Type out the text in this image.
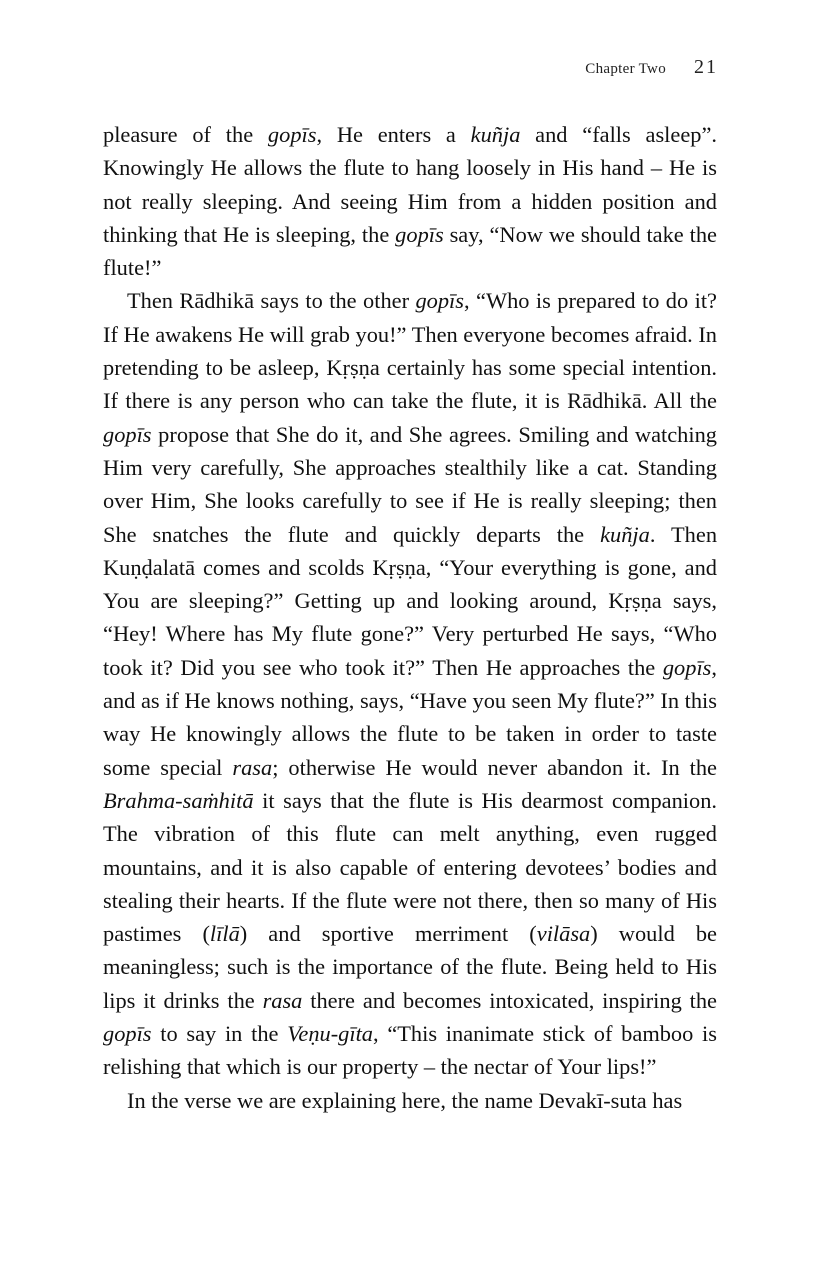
Chapter Two 21

pleasure of the gopīs, He enters a kuñja and “falls asleep”. Knowingly He allows the flute to hang loosely in His hand – He is not really sleeping. And seeing Him from a hidden position and thinking that He is sleeping, the gopīs say, “Now we should take the flute!”

Then Rādhikā says to the other gopīs, “Who is prepared to do it? If He awakens He will grab you!” Then everyone becomes afraid. In pretending to be asleep, Kṛṣṇa certainly has some special intention. If there is any person who can take the flute, it is Rādhikā. All the gopīs propose that She do it, and She agrees. Smiling and watching Him very carefully, She approaches stealthily like a cat. Standing over Him, She looks carefully to see if He is really sleeping; then She snatches the flute and quickly departs the kuñja. Then Kuṇḍalatā comes and scolds Kṛṣṇa, “Your everything is gone, and You are sleeping?” Getting up and looking around, Kṛṣṇa says, “Hey! Where has My flute gone?” Very perturbed He says, “Who took it? Did you see who took it?” Then He approaches the gopīs, and as if He knows nothing, says, “Have you seen My flute?” In this way He knowingly allows the flute to be taken in order to taste some special rasa; otherwise He would never abandon it. In the Brahma-saṁhitā it says that the flute is His dearmost companion. The vibration of this flute can melt anything, even rugged mountains, and it is also capable of entering devotees’ bodies and stealing their hearts. If the flute were not there, then so many of His pastimes (līlā) and sportive merriment (vilāsa) would be meaningless; such is the importance of the flute. Being held to His lips it drinks the rasa there and becomes intoxicated, inspiring the gopīs to say in the Veṇu-gīta, “This inanimate stick of bamboo is relishing that which is our property – the nectar of Your lips!”

In the verse we are explaining here, the name Devakī-suta has
